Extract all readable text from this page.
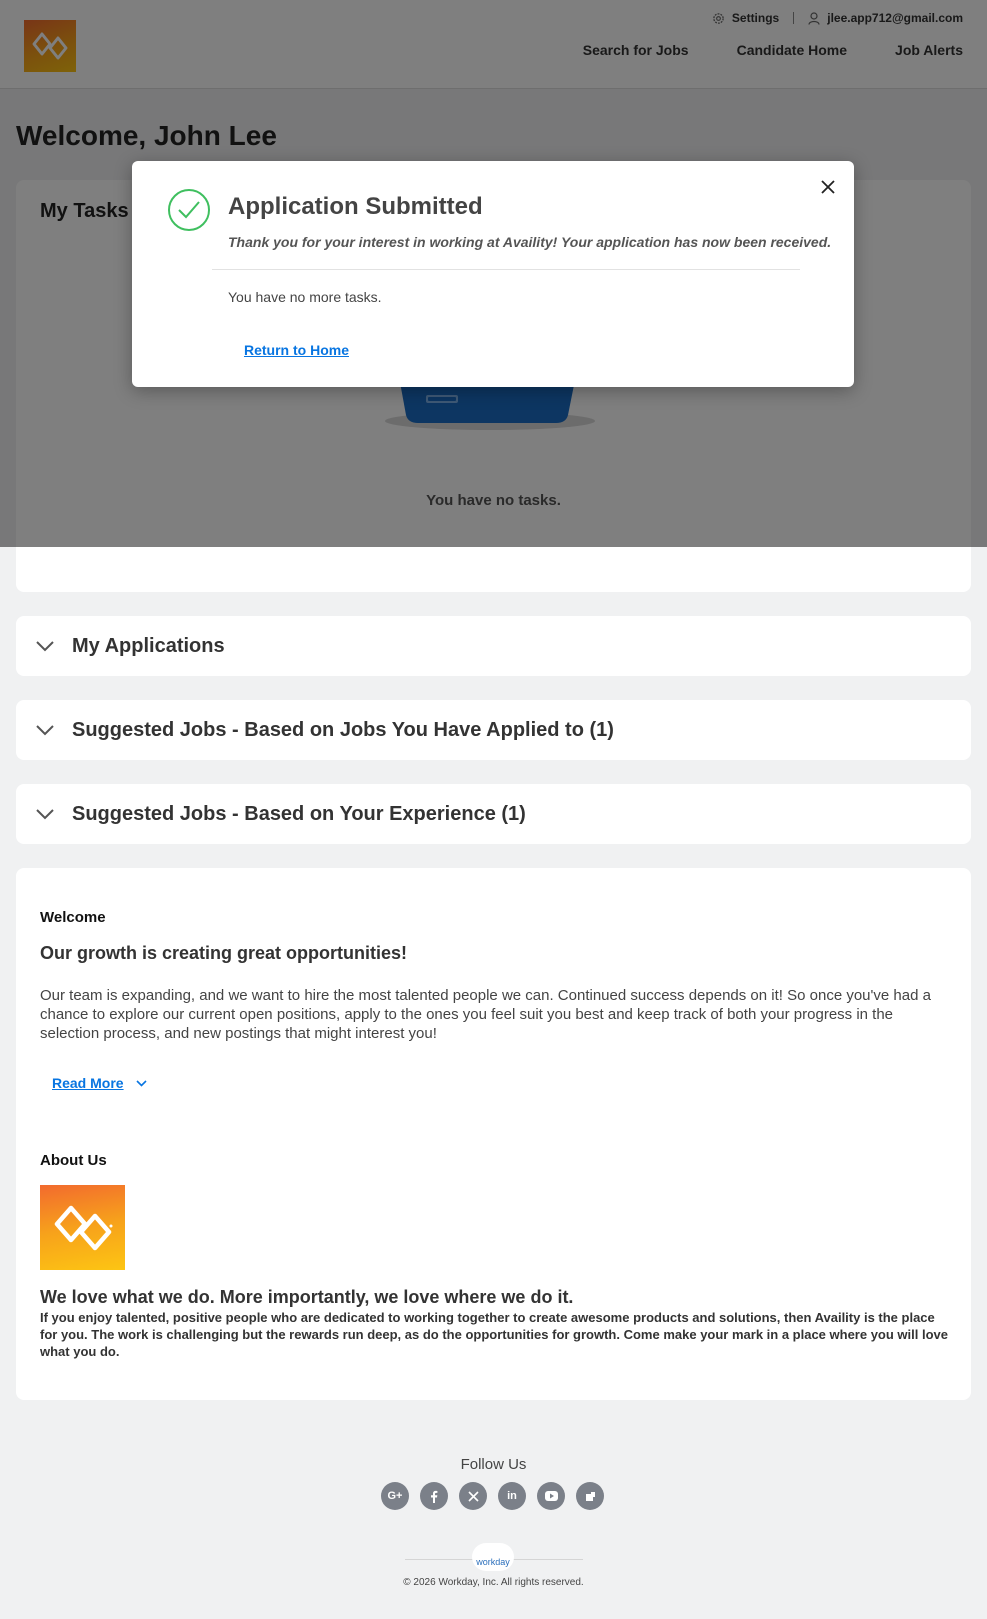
My Applications
Suggested Jobs - Based on Jobs You Have Applied to (1)
Suggested Jobs - Based on Your Experience (1)
Welcome
Our growth is creating great opportunities!
Our team is expanding, and we want to hire the most talented people we can. Continued success depends on it! So once you've had a chance to explore our current open positions, apply to the ones you feel suit you best and keep track of both your progress in the selection process, and new postings that might interest you!
Read More
About Us
We love what we do. More importantly, we love where we do it.
If you enjoy talented, positive people who are dedicated to working together to create awesome products and solutions, then Availity is the place for you. The work is challenging but the rewards run deep, as do the opportunities for growth. Come make your mark in a place where you will love what you do.
Follow Us
G+	in
workday
© 2026 Workday, Inc. All rights reserved.
Application Submitted
Thank you for your interest in working at Availity! Your application has now been received.
You have no more tasks.
Return to Home
